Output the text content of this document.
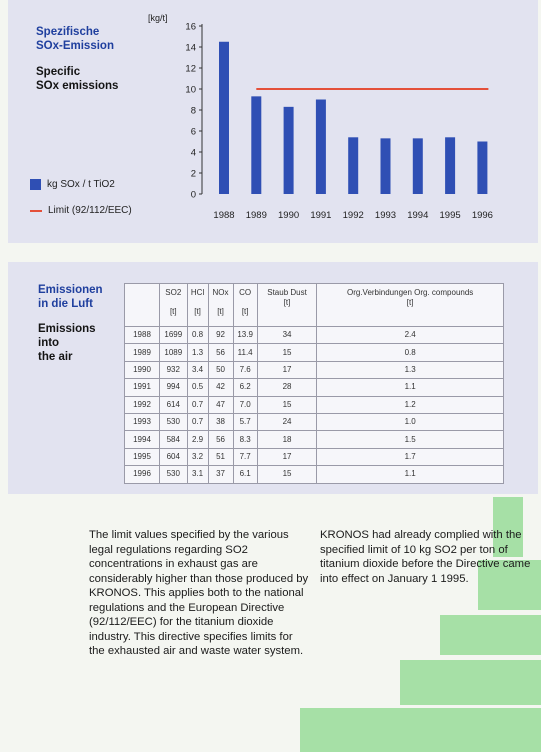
Spezifische
SOx-Emission
Specific
SOx emissions
0
2
4
6
8
10
12
14
16
1988 1989 1990 1991 1992 1993 1994 1995 1996
[kg/t]
kg SOx / t TiO2
Limit (92/112/EEC)
Emissionen
in die Luft
Emissions
into
the air
	SO2
[t]	HCl
[t]	NOx
[t]	CO
[t]	Staub Dust
[t]	Org.Verbindungen Org. compounds
[t]

1988	1699	0.8	92	13.9	34	2.4
1989	1089	1.3	56	11.4	15	0.8
1990	932	3.4	50	7.6	17	1.3
1991	994	0.5	42	6.2	28	1.1
1992	614	0.7	47	7.0	15	1.2
1993	530	0.7	38	5.7	24	1.0
1994	584	2.9	56	8.3	18	1.5
1995	604	3.2	51	7.7	17	1.7
1996	530	3.1	37	6.1	15	1.1
The limit values specified by the various legal regulations regarding SO2 concentrations in exhaust gas are considerably higher than those produced by KRONOS. This applies both to the national regulations and the European Directive (92/112/EEC) for the titanium dioxide industry. This directive specifies limits for the exhausted air and waste water system.
KRONOS had already complied with the specified limit of 10 kg SO2 per ton of titanium dioxide before the Directive came into effect on January 1 1995.
